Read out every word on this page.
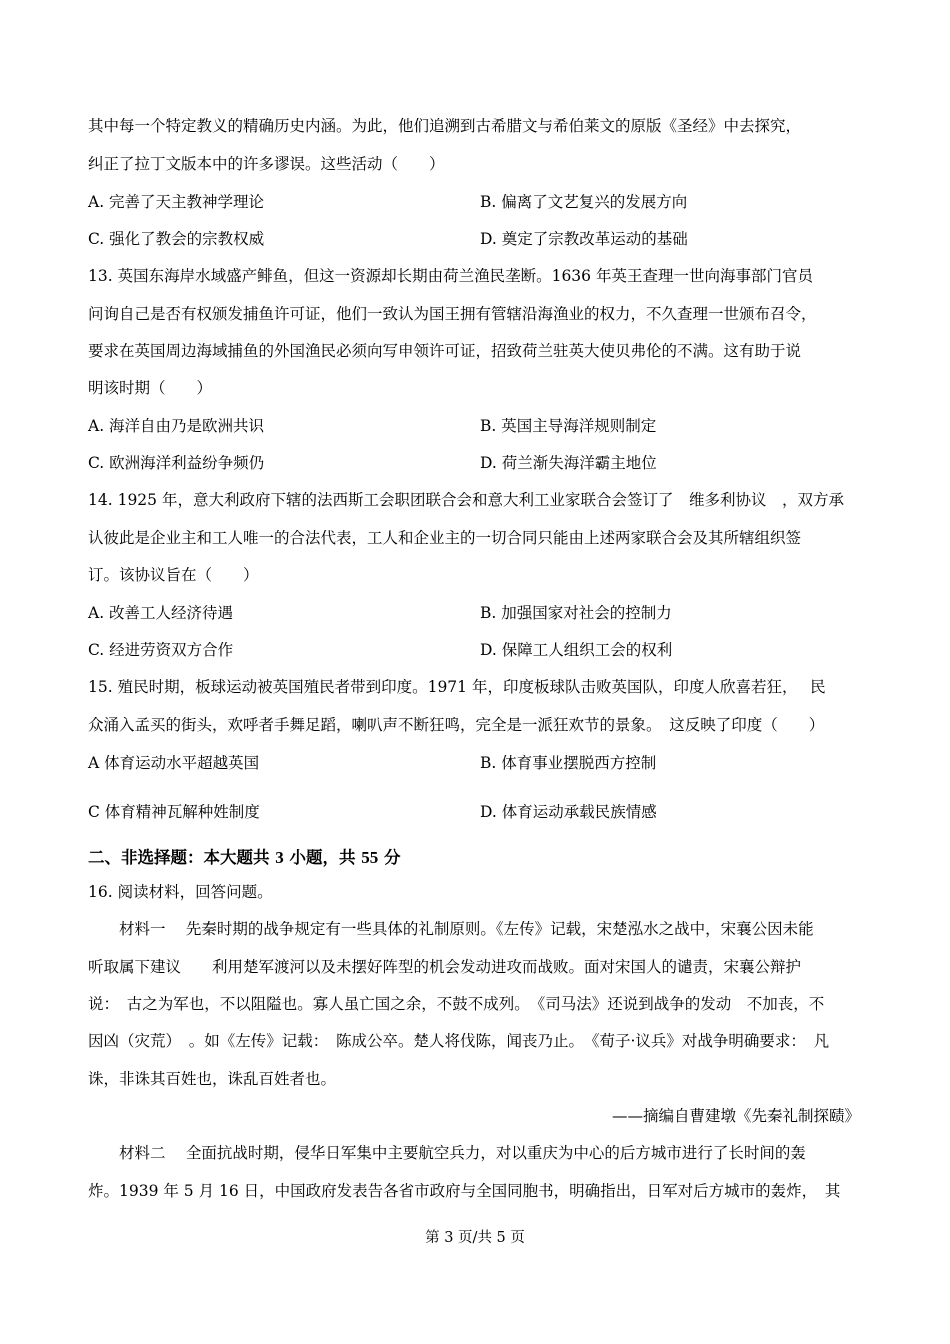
其中每一个特定教义的精确历史内涵。为此，他们追溯到古希腊文与希伯莱文的原版《圣经》中去探究，
纠正了拉丁文版本中的许多谬误。这些活动（　　）
A. 完善了天主教神学理论	B. 偏离了文艺复兴的发展方向
C. 强化了教会的宗教权威	D. 奠定了宗教改革运动的基础
13. 英国东海岸水域盛产鲱鱼，但这一资源却长期由荷兰渔民垄断。1636 年英王查理一世向海事部门官员
问询自己是否有权颁发捕鱼许可证，他们一致认为国王拥有管辖沿海渔业的权力，不久查理一世颁布召令，
要求在英国周边海域捕鱼的外国渔民必须向写申领许可证，招致荷兰驻英大使贝弗伦的不满。这有助于说
明该时期（　　）
A. 海洋自由乃是欧洲共识	B. 英国主导海洋规则制定
C. 欧洲海洋利益纷争频仍	D. 荷兰渐失海洋霸主地位
14. 1925 年，意大利政府下辖的法西斯工会职团联合会和意大利工业家联合会签订了　维多利协议　，双方承
认彼此是企业主和工人唯一的合法代表，工人和企业主的一切合同只能由上述两家联合会及其所辖组织签
订。该协议旨在（　　）
A. 改善工人经济待遇	B. 加强国家对社会的控制力
C. 经进劳资双方合作	D. 保障工人组织工会的权利
15. 殖民时期，板球运动被英国殖民者带到印度。1971 年，印度板球队击败英国队，印度人欣喜若狂，　 民
众涌入孟买的街头，欢呼者手舞足蹈，喇叭声不断狂鸣，完全是一派狂欢节的景象。　这反映了印度（　　）
A 体育运动水平超越英国	B. 体育事业摆脱西方控制
C 体育精神瓦解种姓制度	D. 体育运动承载民族情感
二、非选择题：本大题共 3 小题，共 55 分
16. 阅读材料，回答问题。
　　材料一　 先秦时期的战争规定有一些具体的礼制原则。《左传》记载，宋楚泓水之战中，宋襄公因未能
听取属下建议　　利用楚军渡河以及未摆好阵型的机会发动进攻而战败。面对宋国人的谴责，宋襄公辩护
说：　古之为军也，不以阻隘也。寡人虽亡国之余，不鼓不成列。　《司马法》还说到战争的发动　不加丧，不
因凶（灾荒）　。如《左传》记载：　陈成公卒。楚人将伐陈，闻丧乃止。　《荀子·议兵》对战争明确要求：　凡
诛，非诛其百姓也，诛乱百姓者也。
——摘编自曹建墩《先秦礼制探赜》
　　材料二　 全面抗战时期，侵华日军集中主要航空兵力，对以重庆为中心的后方城市进行了长时间的轰
炸。1939 年 5 月 16 日，中国政府发表告各省市政府与全国同胞书，明确指出，日军对后方城市的轰炸，　其
第 3 页/共 5 页
